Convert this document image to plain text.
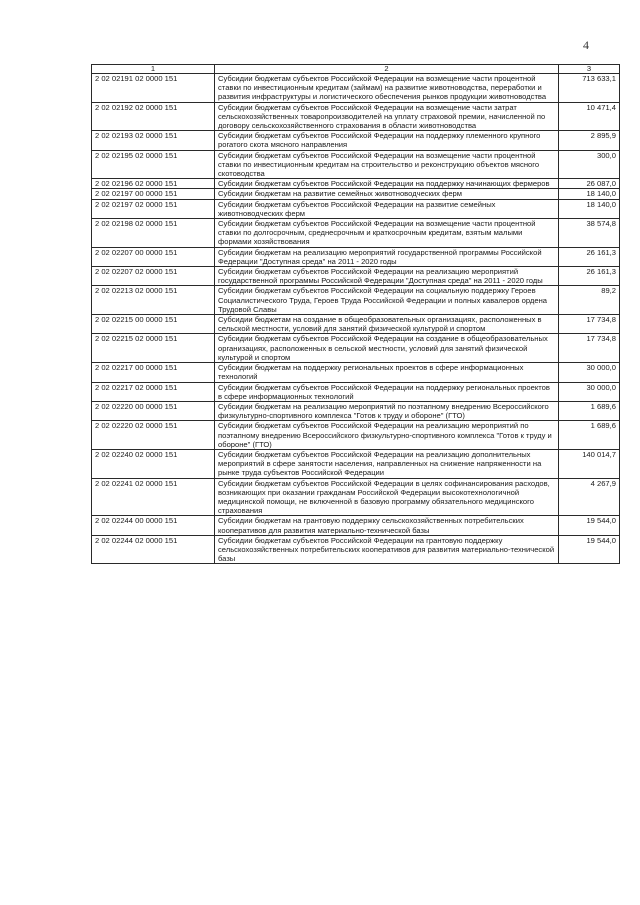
4
1	2	3
2 02 02191 02 0000 151	Субсидии бюджетам субъектов Российской Федерации на возмещение части процентной ставки по инвестиционным кредитам (займам) на развитие животноводства, переработки и развития инфраструктуры и логистического обеспечения рынков продукции животноводства	713 633,1
2 02 02192 02 0000 151	Субсидии бюджетам субъектов Российской Федерации на возмещение части затрат сельскохозяйственных товаропроизводителей на уплату страховой премии, начисленной по договору сельскохозяйственного страхования в области животноводства	10 471,4
2 02 02193 02 0000 151	Субсидии бюджетам субъектов Российской Федерации на поддержку племенного крупного рогатого скота мясного направления	2 895,9
2 02 02195 02 0000 151	Субсидии бюджетам субъектов Российской Федерации на возмещение части процентной ставки по инвестиционным кредитам на строительство и реконструкцию объектов мясного скотоводства	300,0
2 02 02196 02 0000 151	Субсидии бюджетам субъектов Российской Федерации на поддержку начинающих фермеров	26 087,0
2 02 02197 00 0000 151	Субсидии бюджетам на развитие семейных животноводческих ферм	18 140,0
2 02 02197 02 0000 151	Субсидии бюджетам субъектов Российской Федерации на развитие семейных животноводческих ферм	18 140,0
2 02 02198 02 0000 151	Субсидии бюджетам субъектов Российской Федерации на возмещение части процентной ставки по долгосрочным, среднесрочным и краткосрочным кредитам, взятым малыми формами хозяйствования	38 574,8
2 02 02207 00 0000 151	Субсидии бюджетам на реализацию мероприятий государственной программы Российской Федерации "Доступная среда" на 2011 - 2020 годы	26 161,3
2 02 02207 02 0000 151	Субсидии бюджетам субъектов Российской Федерации на реализацию мероприятий государственной программы Российской Федерации "Доступная среда" на 2011 - 2020 годы	26 161,3
2 02 02213 02 0000 151	Субсидии бюджетам субъектов Российской Федерации на социальную поддержку Героев Социалистического Труда, Героев Труда Российской Федерации и полных кавалеров ордена Трудовой Славы	89,2
2 02 02215 00 0000 151	Субсидии бюджетам на создание в общеобразовательных организациях, расположенных в сельской местности, условий для занятий физической культурой и спортом	17 734,8
2 02 02215 02 0000 151	Субсидии бюджетам субъектов Российской Федерации на создание в общеобразовательных организациях, расположенных в сельской местности, условий для занятий физической культурой и спортом	17 734,8
2 02 02217 00 0000 151	Субсидии бюджетам на поддержку региональных проектов в сфере информационных технологий	30 000,0
2 02 02217 02 0000 151	Субсидии бюджетам субъектов Российской Федерации на поддержку региональных проектов в сфере информационных технологий	30 000,0
2 02 02220 00 0000 151	Субсидии бюджетам на реализацию мероприятий по поэтапному внедрению Всероссийского физкультурно-спортивного комплекса "Готов к труду и обороне" (ГТО)	1 689,6
2 02 02220 02 0000 151	Субсидии бюджетам субъектов Российской Федерации на реализацию мероприятий по поэтапному внедрению Всероссийского физкультурно-спортивного комплекса "Готов к труду и обороне" (ГТО)	1 689,6
2 02 02240 02 0000 151	Субсидии бюджетам субъектов Российской Федерации на реализацию дополнительных мероприятий в сфере занятости населения, направленных на снижение напряженности на рынке труда субъектов Российской Федерации	140 014,7
2 02 02241 02 0000 151	Субсидии бюджетам субъектов Российской Федерации в целях софинансирования расходов, возникающих при оказании гражданам Российской Федерации высокотехнологичной медицинской помощи, не включенной в базовую программу обязательного медицинского страхования	4 267,9
2 02 02244 00 0000 151	Субсидии бюджетам на грантовую поддержку сельскохозяйственных потребительских кооперативов для развития материально-технической базы	19 544,0
2 02 02244 02 0000 151	Субсидии бюджетам субъектов Российской Федерации на грантовую поддержку сельскохозяйственных потребительских кооперативов для развития материально-технической базы	19 544,0
